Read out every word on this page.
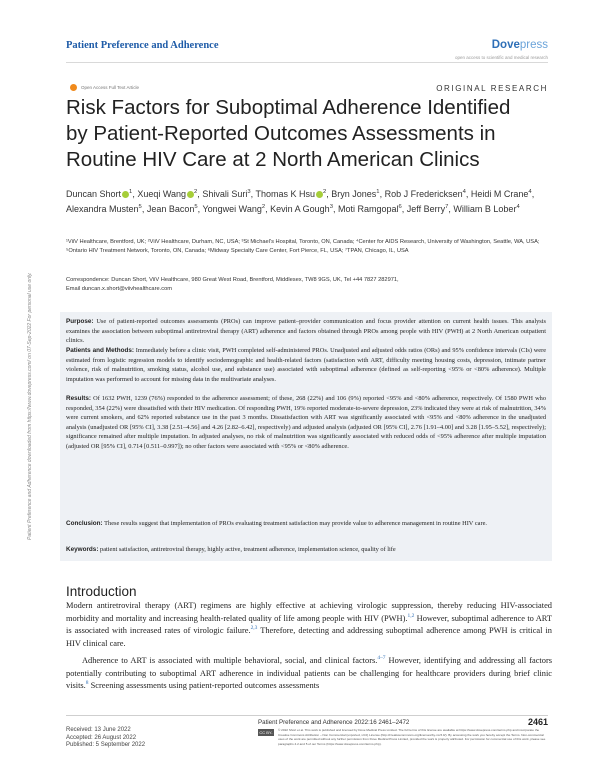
Patient Preference and Adherence downloaded from https://www.dovepress.com/ on 07-Sep-2022 For personal use only.
Patient Preference and Adherence	Dovepress
open access to scientific and medical research
Open Access Full Text Article	ORIGINAL RESEARCH
Risk Factors for Suboptimal Adherence Identified by Patient-Reported Outcomes Assessments in Routine HIV Care at 2 North American Clinics
Duncan Short $^1$, Xueqi Wang $^2$, Shivali Suri$^3$, Thomas K Hsu $^2$, Bryn Jones$^1$, Rob J Fredericksen$^4$, Heidi M Crane$^4$, Alexandra Musten$^5$, Jean Bacon$^5$, Yongwei Wang$^2$, Kevin A Gough$^3$, Moti Ramgopal$^6$, Jeff Berry$^7$, William B Lober$^4$
¹ViiV Healthcare, Brentford, UK; ²ViiV Healthcare, Durham, NC, USA; ³St Michael's Hospital, Toronto, ON, Canada; ⁴Center for AIDS Research, University of Washington, Seattle, WA, USA; ⁵Ontario HIV Treatment Network, Toronto, ON, Canada; ⁶Midway Specialty Care Center, Fort Pierce, FL, USA; ⁷TPAN, Chicago, IL, USA
Correspondence: Duncan Short, ViiV Healthcare, 980 Great West Road, Brentford, Middlesex, TW8 9GS, UK, Tel +44 7827 282971,
Email duncan.x.short@viivhealthcare.com
Purpose: Use of patient-reported outcomes assessments (PROs) can improve patient–provider communication and focus provider attention on current health issues. This analysis examines the association between suboptimal antiretroviral therapy (ART) adherence and factors obtained through PROs among people with HIV (PWH) at 2 North American outpatient clinics.
Patients and Methods: Immediately before a clinic visit, PWH completed self-administered PROs. Unadjusted and adjusted odds ratios (ORs) and 95% confidence intervals (CIs) were estimated from logistic regression models to identify sociodemographic and health-related factors (satisfaction with ART, difficulty meeting housing costs, depression, intimate partner violence, risk of malnutrition, smoking status, alcohol use, and substance use) associated with suboptimal adherence (defined as self-reporting <95% or <80% adherence). Multiple imputation was performed to account for missing data in the multivariate analyses.
Results: Of 1632 PWH, 1239 (76%) responded to the adherence assessment; of these, 268 (22%) and 106 (9%) reported <95% and <80% adherence, respectively. Of 1580 PWH who responded, 354 (22%) were dissatisfied with their HIV medication. Of responding PWH, 19% reported moderate-to-severe depression, 23% indicated they were at risk of malnutrition, 34% were current smokers, and 62% reported substance use in the past 3 months. Dissatisfaction with ART was significantly associated with <95% and <80% adherence in the unadjusted analysis (unadjusted OR [95% CI], 3.38 [2.51–4.56] and 4.26 [2.82–6.42], respectively) and adjusted analysis (adjusted OR [95% CI], 2.76 [1.91–4.00] and 3.28 [1.95–5.52], respectively); significance remained after multiple imputation. In adjusted analyses, no risk of malnutrition was significantly associated with reduced odds of <95% adherence after multiple imputation (adjusted OR [95% CI], 0.714 [0.511–0.997]); no other factors were associated with <95% or <80% adherence.
Conclusion: These results suggest that implementation of PROs evaluating treatment satisfaction may provide value to adherence management in routine HIV care.
Keywords: patient satisfaction, antiretroviral therapy, highly active, treatment adherence, implementation science, quality of life
Introduction
Modern antiretroviral therapy (ART) regimens are highly effective at achieving virologic suppression, thereby reducing HIV-associated morbidity and mortality and increasing health-related quality of life among people with HIV (PWH).$^{1,2}$ However, suboptimal adherence to ART is associated with increased rates of virologic failure.$^{2,3}$ Therefore, detecting and addressing suboptimal adherence among PWH is critical in HIV clinical care.
Adherence to ART is associated with multiple behavioral, social, and clinical factors.$^{4-7}$ However, identifying and addressing all factors potentially contributing to suboptimal ART adherence in individual patients can be challenging for healthcare providers during brief clinic visits.$^8$ Screening assessments using patient-reported outcomes assessments
Received: 13 June 2022
Accepted: 26 August 2022
Published: 5 September 2022
Patient Preference and Adherence 2022:16 2461–2472	2461
CC BY-NC
© 2022 Short et al. This work is published and licensed by Dove Medical Press Limited. The full terms of this license are available at https://www.dovepress.com/terms.php and incorporate the Creative Commons Attribution – Non Commercial (unported, v3.0) License (http://creativecommons.org/licenses/by-nc/3.0/). By accessing the work you hereby accept the Terms. Non-commercial uses of the work are permitted without any further permission from Dove Medical Press Limited, provided the work is properly attributed. For permission for commercial use of this work, please see paragraphs 4.2 and 5 of our Terms (https://www.dovepress.com/terms.php).
